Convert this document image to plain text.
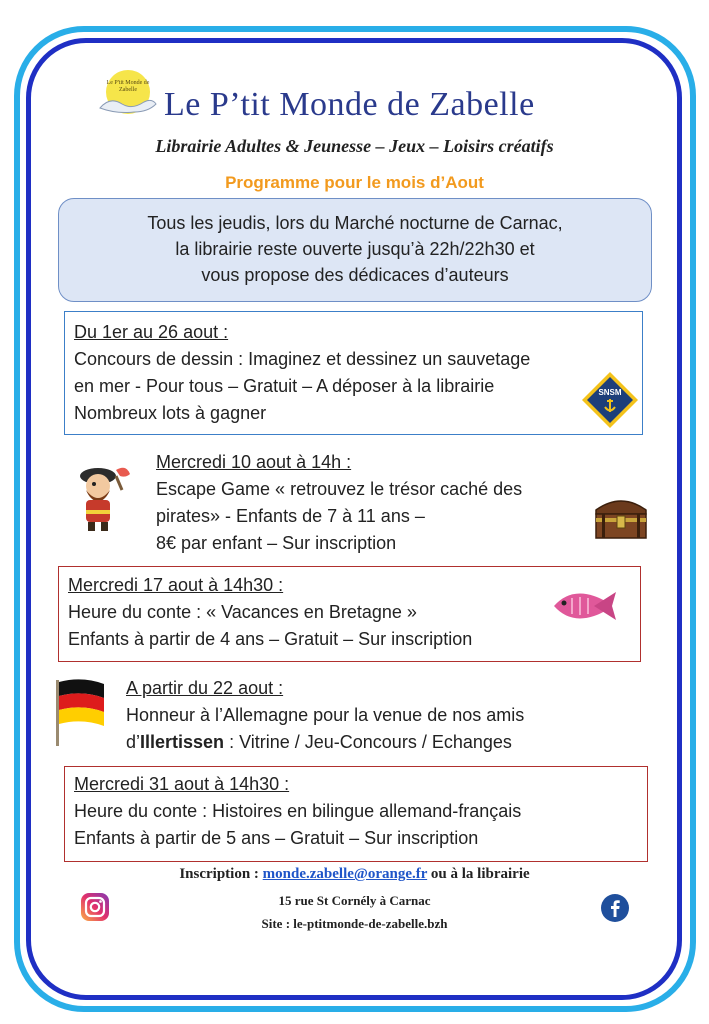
Le P'tit Monde de Zabelle Le P’tit Monde de Zabelle
Librairie Adultes & Jeunesse – Jeux – Loisirs créatifs
Programme pour le mois d’Aout
Tous les jeudis, lors du Marché nocturne de Carnac,
la librairie reste ouverte jusqu’à 22h/22h30 et
vous propose des dédicaces d’auteurs
Du 1er au 26 aout :
Concours de dessin : Imaginez et dessinez un sauvetage
en mer - Pour tous – Gratuit – A déposer à la librairie
Nombreux lots à gagner
SNSM
Mercredi 10 aout à 14h :
Escape Game « retrouvez le trésor caché des
pirates» - Enfants de 7 à 11 ans –
8€ par enfant – Sur inscription
Mercredi 17 aout à 14h30 :
Heure du conte : « Vacances en Bretagne »
Enfants à partir de 4 ans – Gratuit – Sur inscription
A partir du 22 aout :
Honneur à l’Allemagne pour la venue de nos amis
d’Illertissen : Vitrine / Jeu-Concours / Echanges
Mercredi 31 aout à 14h30 :
Heure du conte : Histoires en bilingue allemand-français
Enfants à partir de 5 ans – Gratuit – Sur inscription
Inscription : monde.zabelle@orange.fr ou à la librairie
15 rue St Cornély à Carnac
Site : le-ptitmonde-de-zabelle.bzh
